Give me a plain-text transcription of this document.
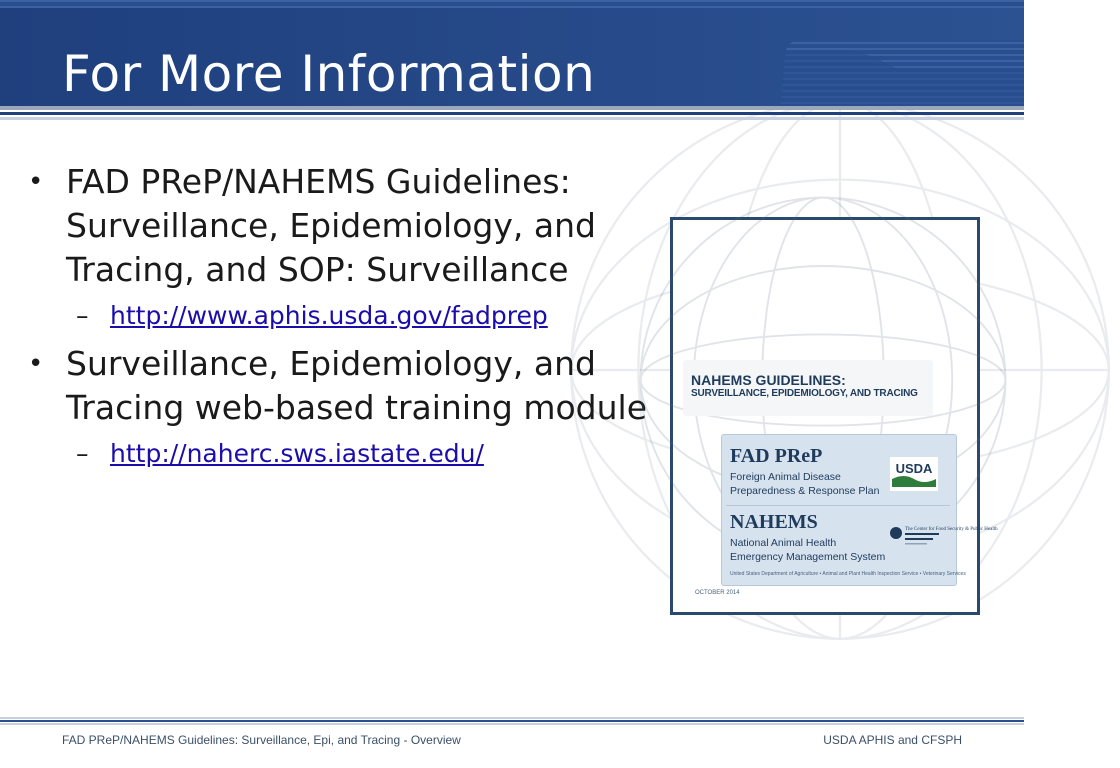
For More Information
• FAD PReP/NAHEMS Guidelines: Surveillance, Epidemiology, and Tracing, and SOP: Surveillance
– http://www.aphis.usda.gov/fadprep
• Surveillance, Epidemiology, and Tracing web-based training module
– http://naherc.sws.iastate.edu/
NAHEMS GUIDELINES:
SURVEILLANCE, EPIDEMIOLOGY, AND TRACING
FAD PReP
Foreign Animal Disease
Preparedness & Response Plan
USDA
NAHEMS
National Animal Health
Emergency Management System
The Center for Food Security & Public Health
United States Department of Agriculture • Animal and Plant Health Inspection Service • Veterinary Services
OCTOBER 2014
FAD PReP/NAHEMS Guidelines: Surveillance, Epi, and Tracing - Overview	USDA APHIS and CFSPH
